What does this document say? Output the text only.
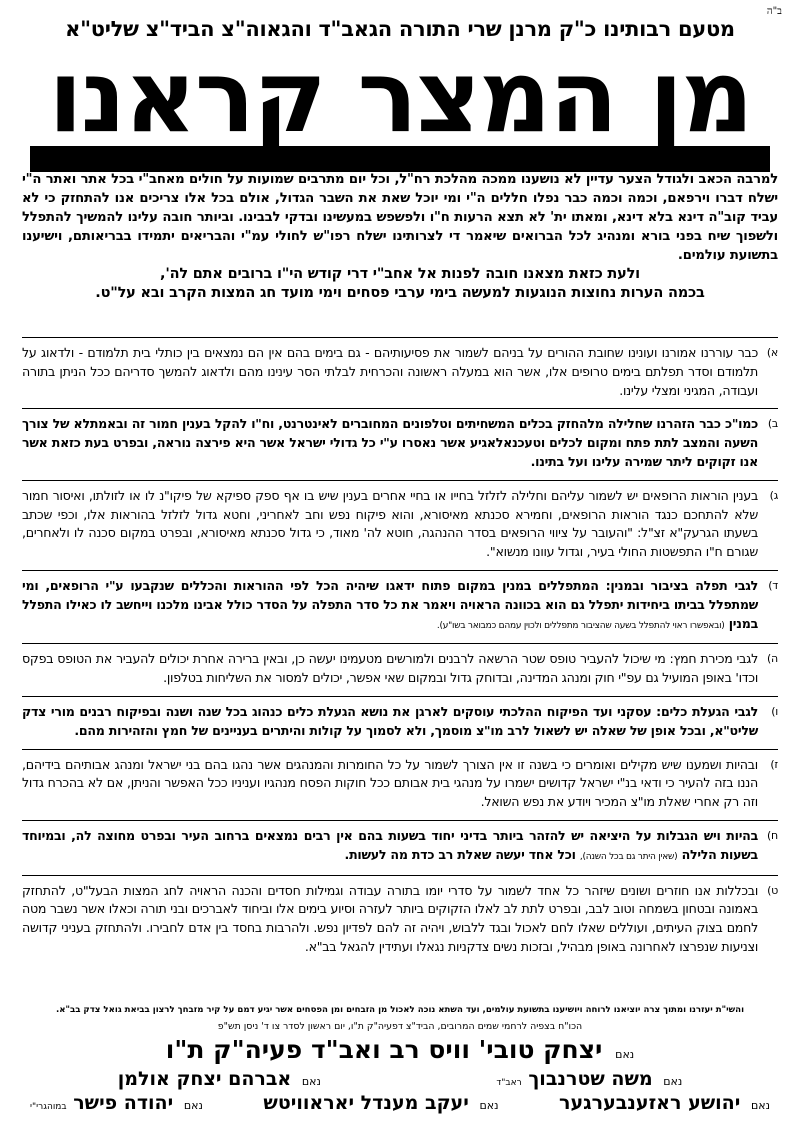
ב"ה
מטעם רבותינו כ"ק מרנן שרי התורה הגאב"ד והגאוה"צ הביד"צ שליט"א
מן המצר קראנו
למרבה הכאב ולגודל הצער עדיין לא נושענו ממכה מהלכת רח"ל, וכל יום מתרבים שמועות על חולים מאחב"י בכל אתר ואתר ה"י ישלח דברו וירפאם, וכמה וכמה כבר נפלו חללים ה"י ומי יוכל שאת את השבר הגדול, אולם בכל אלו צריכים אנו להתחזק כי לא עביד קוב"ה דינא בלא דינא, ומאתו ית' לא תצא הרעות ח"ו ולפשפש במעשינו ובדקי לבבינו. וביותר חובה עלינו להמשיך להתפלל ולשפוך שיח בפני בורא ומנהיג לכל הברואים שיאמר די לצרותינו ישלח רפו"ש לחולי עמ"י והבריאים יתמידו בבריאותם, וישיענו בתשועת עולמים.
ולעת כזאת מצאנו חובה לפנות אל אחב"י דרי קודש הי"ו ברובים אתם לה',
בכמה הערות נחוצות הנוגעות למעשה בימי ערבי פסחים וימי מועד חג המצות הקרב ובא על"ט.
א)
כבר עוררנו אמורנו ועונינו שחובת ההורים על בניהם לשמור את פסיעותיהם - גם בימים בהם אין הם נמצאים בין כותלי בית תלמודם - ולדאוג על תלמודם וסדר תפלתם בימים טרופים אלו, אשר הוא במעלה ראשונה והכרחית לבלתי הסר עינינו מהם ולדאוג להמשך סדריהם ככל הניתן בתורה ועבודה, המגיני ומצלי עלינו.
ב)
כמו"כ כבר הזהרנו שחלילה מלהחזק בכלים המשחיתים וטלפונים המחוברים לאינטרנט, וח"ו להקל בענין חמור זה ובאמתלא של צורך השעה והמצב לתת פתח ומקום לכלים וטעכנאלאגיע אשר נאסרו ע"י כל גדולי ישראל אשר היא פירצה נוראה, ובפרט בעת כזאת אשר אנו זקוקים ליתר שמירה עלינו ועל בתינו.
ג)
בענין הוראות הרופאים יש לשמור עליהם וחלילה לזלזל בחייו או בחיי אחרים בענין שיש בו אף ספק ספיקא של פיקו"נ לו או לזולתו, ואיסור חמור שלא להתחכם כנגד הוראות הרופאים, וחמירא סכנתא מאיסורא, והוא פיקוח נפש וחב לאחריני, וחטא גדול לזלזל בהוראות אלו, וכפי שכתב בשעתו הגרעק"א זצ"ל: "והעובר על ציווי הרופאים בסדר ההנהגה, חוטא לה' מאוד, כי גדול סכנתא מאיסורא, ובפרט במקום סכנה לו ולאחרים, שגורם ח"ו התפשטות החולי בעיר, וגדול עוונו מנשוא".
ד)
לגבי תפלה בציבור ובמנין: המתפללים במנין במקום פתוח ידאגו שיהיה הכל לפי ההוראות והכללים שנקבעו ע"י הרופאים, ומי שמתפלל בביתו ביחידות יתפלל גם הוא בכוונה הראויה ויאמר את כל סדר התפלה על הסדר כולל אבינו מלכנו וייחשב לו כאילו התפלל במנין (ובאפשרו ראוי להתפלל בשעה שהציבור מתפללים ולכוין עמהם כמבואר בשו"ע).
ה)
לגבי מכירת חמץ: מי שיכול להעביר טופס שטר הרשאה לרבנים ולמורשים מטעמינו יעשה כן, ובאין ברירה אחרת יכולים להעביר את הטופס בפקס וכדו' באופן המועיל גם עפ"י חוק ומנהג המדינה, ובדוחק גדול ובמקום שאי אפשר, יכולים למסור את השליחות בטלפון.
ו)
לגבי הגעלת כלים: עסקני ועד הפיקוח ההלכתי עוסקים לארגן את נושא הגעלת כלים כנהוג בכל שנה ושנה ובפיקוח רבנים מורי צדק שליט"א, ובכל אופן של שאלה יש לשאול לרב מו"צ מוסמך, ולא לסמוך על קולות והיתרים בעניינים של חמץ והזהירות מהם.
ז)
ובהיות ושמענו שיש מקילים ואומרים כי בשנה זו אין הצורך לשמור על כל החומרות והמנהגים אשר נהגו בהם בני ישראל ומנהג אבותיהם בידיהם, הננו בזה להעיר כי ודאי בנ"י ישראל קדושים ישמרו על מנהגי בית אבותם ככל חוקות הפסח מנהגיו ועניניו ככל האפשר והניתן, אם לא בהכרח גדול וזה רק אחרי שאלת מו"צ המכיר ויודע את נפש השואל.
ח)
בהיות ויש הגבלות על היציאה יש להזהר ביותר בדיני יחוד בשעות בהם אין רבים נמצאים ברחוב העיר ובפרט מחוצה לה, ובמיוחד בשעות הלילה (שאין היתר גם בכל השנה), וכל אחד יעשה שאלת רב כדת מה לעשות.
ט)
ובכללות אנו חוזרים ושונים שיזהר כל אחד לשמור על סדרי יומו בתורה עבודה וגמילות חסדים והכנה הראויה לחג המצות הבעל"ט, להתחזק באמונה ובטחון בשמחה וטוב לבב, ובפרט לתת לב לאלו הזקוקים ביותר לעזרה וסיוע בימים אלו וביחוד לאברכים ובני תורה וכאלו אשר נשבר מטה לחמם בצוק העיתים, ועוללים שאלו לחם לאכול ובגד ללבוש, ויהיה זה להם לפדיון נפש. ולהרבות בחסד בין אדם לחבירו. ולהתחזק בעניני קדושה וצניעות שנפרצו לאחרונה באופן מבהיל, ובזכות נשים צדקניות נגאלו ועתידין להגאל בב"א.
והשי"ת יעזרנו ומתוך צרה יוציאנו לרוחה ויושיענו בתשועת עולמים, ועד השתא נוכה לאכול מן הזבחים ומן הפסחים אשר יגיע דמם על קיר מזבחך לרצון בביאת גואל צדק בב"א.
הכו"ח בצפיה לרחמי שמים המרובים, הביד"צ דפעיה"ק ת"ו, יום ראשון לסדר צו ד' ניסן תש"פ
נאם יצחק טובי' וויס רב ואב"ד פעיה"ק ת"ו
נאם משה שטרנבוך ראב"ד
נאם אברהם יצחק אולמן
נאם יהושע ראזענבערגער
נאם יעקב מענדל יאראוויטש
נאם יהודה פישר במוהגרי"י
